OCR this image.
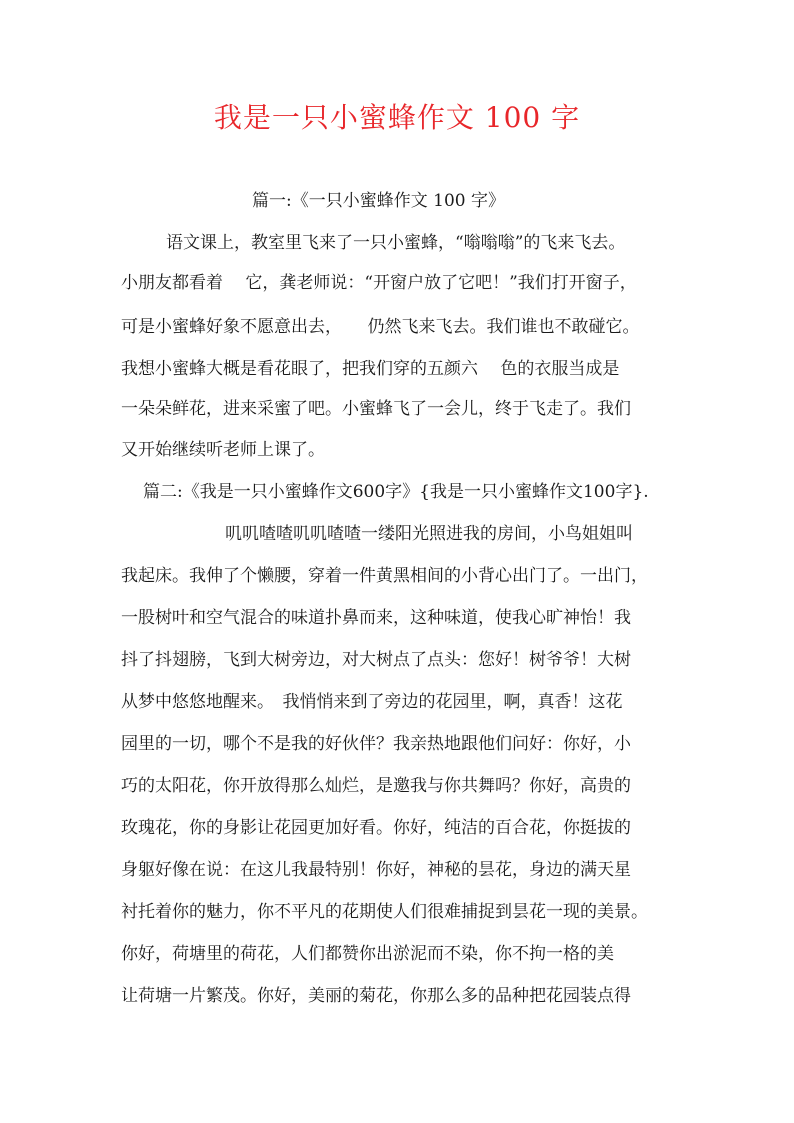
我是一只小蜜蜂作文 100 字
篇一:《一只小蜜蜂作文 100 字》
语文课上，教室里飞来了一只小蜜蜂，“嗡嗡嗡”的飞来飞去。
小朋友都看着　 它，龚老师说：“开窗户放了它吧！”我们打开窗子，
可是小蜜蜂好象不愿意出去，　　仍然飞来飞去。我们谁也不敢碰它。
我想小蜜蜂大概是看花眼了，把我们穿的五颜六　 色的衣服当成是
一朵朵鲜花，进来采蜜了吧。小蜜蜂飞了一会儿，终于飞走了。我们
又开始继续听老师上课了。
篇二:《我是一只小蜜蜂作文600字》{我是一只小蜜蜂作文100字}.
叽叽喳喳叽叽喳喳一缕阳光照进我的房间，小鸟姐姐叫
我起床。我伸了个懒腰，穿着一件黄黑相间的小背心出门了。一出门，
一股树叶和空气混合的味道扑鼻而来，这种味道，使我心旷神怡！我
抖了抖翅膀，飞到大树旁边，对大树点了点头：您好！树爷爷！大树
从梦中悠悠地醒来。　我悄悄来到了旁边的花园里，啊，真香！这花
园里的一切，哪个不是我的好伙伴？我亲热地跟他们问好：你好，小
巧的太阳花，你开放得那么灿烂，是邀我与你共舞吗？你好，高贵的
玫瑰花，你的身影让花园更加好看。你好，纯洁的百合花，你挺拔的
身躯好像在说：在这儿我最特别！你好，神秘的昙花，身边的满天星
衬托着你的魅力，你不平凡的花期使人们很难捕捉到昙花一现的美景。
你好，荷塘里的荷花，人们都赞你出淤泥而不染，你不拘一格的美
让荷塘一片繁茂。你好，美丽的菊花，你那么多的品种把花园装点得
